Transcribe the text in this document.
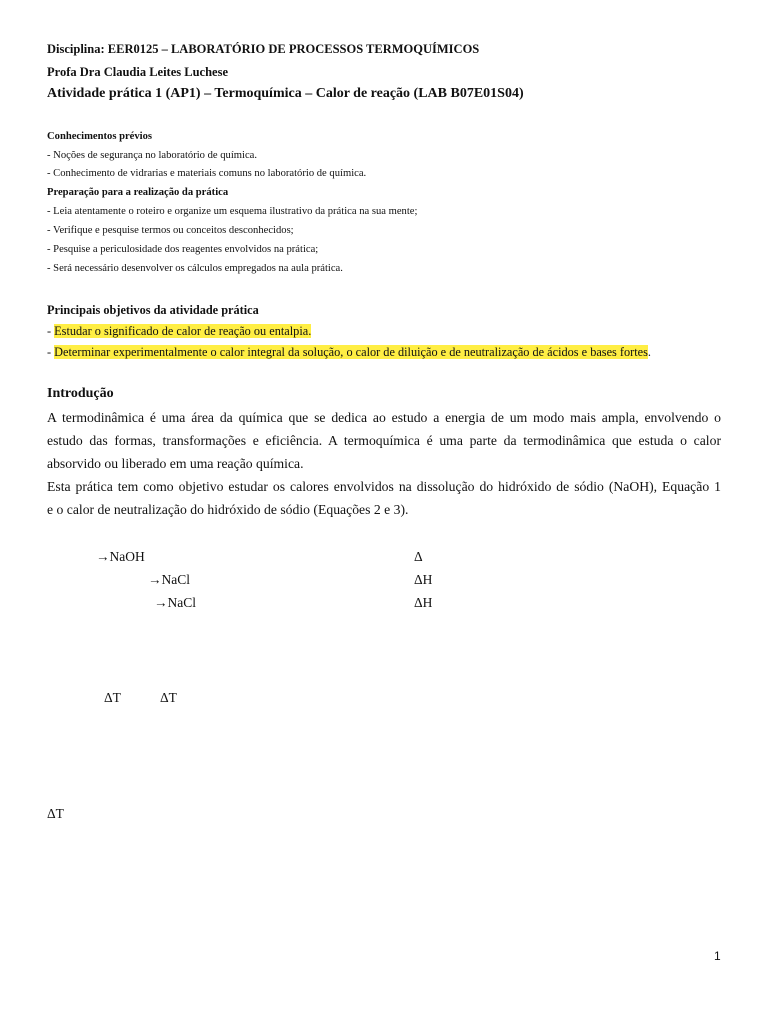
Disciplina: EER0125 – LABORATÓRIO DE PROCESSOS TERMOQUÍMICOS
Profa Dra Claudia Leites Luchese
Atividade prática 1 (AP1) – Termoquímica – Calor de reação (LAB B07E01S04)
Conhecimentos prévios
- Noções de segurança no laboratório de química.
- Conhecimento de vidrarias e materiais comuns no laboratório de química.
Preparação para a realização da prática
- Leia atentamente o roteiro e organize um esquema ilustrativo da prática na sua mente;
- Verifique e pesquise termos ou conceitos desconhecidos;
- Pesquise a periculosidade dos reagentes envolvidos na prática;
- Será necessário desenvolver os cálculos empregados na aula prática.
Principais objetivos da atividade prática
- Estudar o significado de calor de reação ou entalpia.
- Determinar experimentalmente o calor integral da solução, o calor de diluição e de neutralização de ácidos e bases fortes.
Introdução
A termodinâmica é uma área da química que se dedica ao estudo a energia de um modo mais ampla, envolvendo o
estudo das formas, transformações e eficiência. A termoquímica é uma parte da termodinâmica que estuda o calor
absorvido ou liberado em uma reação química.
Esta prática tem como objetivo estudar os calores envolvidos na dissolução do hidróxido de sódio (NaOH), Equação 1
e o calor de neutralização do hidróxido de sódio (Equações 2 e 3).
→NaOH	Δ
→NaCl	ΔH
→NaCl	ΔH
ΔT	ΔT
ΔT
1
